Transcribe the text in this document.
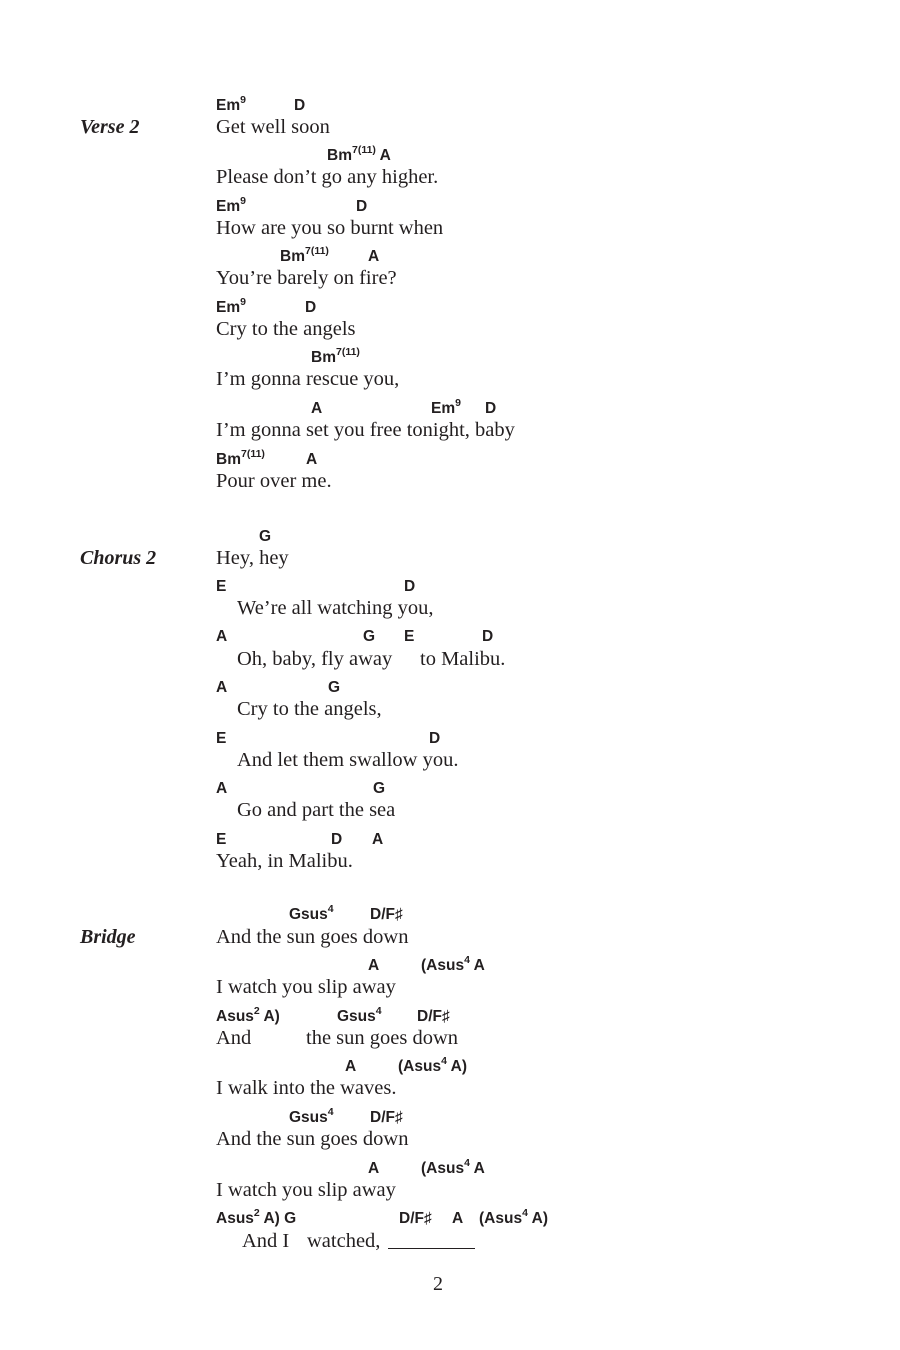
Verse 2
Chorus 2
Bridge
Em$^9$	D
Get well soon
$Bm^{7(11)}$ A
Please don’t go any higher.
Em$^9$	D
How are you so burnt when
$Bm^{7(11)}$	A
You’re barely on fire?
Em$^9$	D
Cry to the angels
$Bm^{7(11)}$
I’m gonna rescue you,
A	Em$^9$ D
I’m gonna set you free tonight, baby
$Bm^{7(11)}$	A
Pour over me.
G
Hey, hey
E	D
We’re all watching you,
A	G E	D
Oh, baby, fly away to Malibu.
A	G
Cry to the angels,
E	D
And let them swallow you.
A	G
Go and part the sea
E	D A
Yeah, in Malibu.
Gsus$^4$ D/F♯
And the sun goes down
A	(Asus$^4$ A
I watch you slip away
Asus$^2$ A)	Gsus$^4$ D/F♯
And	the sun goes down
A	(Asus$^4$ A)
I walk into the waves.
Gsus$^4$ D/F♯
And the sun goes down
A	(Asus$^4$ A
I watch you slip away
Asus$^2$ A) G	D/F♯ A (Asus$^4$ A)
And I watched,
2
